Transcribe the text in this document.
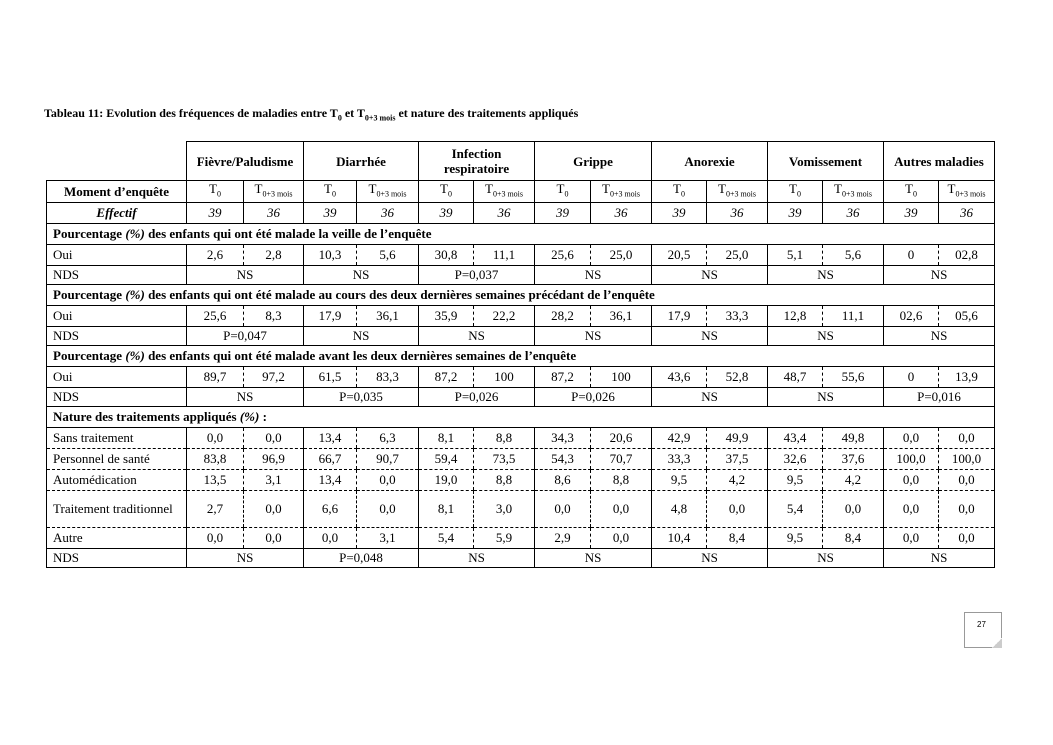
Tableau 11: Evolution des fréquences de maladies entre $T_0$ et $T_{0+3 mois}$ et nature des traitements appliqués
	Fièvre/Paludisme		Diarrhée		Infection respiratoire		Grippe		Anorexie		Vomissement		Autres maladies	
Moment d’enquête	$T_0$	$T_{0+3 mois}$	$T_0$	$T_{0+3 mois}$	$T_0$	$T_{0+3 mois}$	$T_0$	$T_{0+3 mois}$	$T_0$	$T_{0+3 mois}$	$T_0$	$T_{0+3 mois}$	$T_0$	$T_{0+3 mois}$
Effectif	39	36	39	36	39	36	39	36	39	36	39	36	39	36
Pourcentage (%) des enfants qui ont été malade la veille de l’enquête														
Oui	2,6	2,8	10,3	5,6	30,8	11,1	25,6	25,0	20,5	25,0	5,1	5,6	0	02,8
NDS	NS		NS		P=0,037		NS		NS		NS		NS	
Pourcentage (%) des enfants qui ont été malade au cours des deux dernières semaines précédant de l’enquête														
Oui	25,6	8,3	17,9	36,1	35,9	22,2	28,2	36,1	17,9	33,3	12,8	11,1	02,6	05,6
NDS	P=0,047		NS		NS		NS		NS		NS		NS	
Pourcentage (%) des enfants qui ont été malade avant les deux dernières semaines de l’enquête														
Oui	89,7	97,2	61,5	83,3	87,2	100	87,2	100	43,6	52,8	48,7	55,6	0	13,9
NDS	NS		P=0,035		P=0,026		P=0,026		NS		NS		P=0,016	
Nature des traitements appliqués (%) :														
Sans traitement	0,0	0,0	13,4	6,3	8,1	8,8	34,3	20,6	42,9	49,9	43,4	49,8	0,0	0,0
Personnel de santé	83,8	96,9	66,7	90,7	59,4	73,5	54,3	70,7	33,3	37,5	32,6	37,6	100,0	100,0
Automédication	13,5	3,1	13,4	0,0	19,0	8,8	8,6	8,8	9,5	4,2	9,5	4,2	0,0	0,0
Traitement traditionnel	2,7	0,0	6,6	0,0	8,1	3,0	0,0	0,0	4,8	0,0	5,4	0,0	0,0	0,0
Autre	0,0	0,0	0,0	3,1	5,4	5,9	2,9	0,0	10,4	8,4	9,5	8,4	0,0	0,0
NDS	NS		P=0,048		NS		NS		NS		NS		NS	
27
